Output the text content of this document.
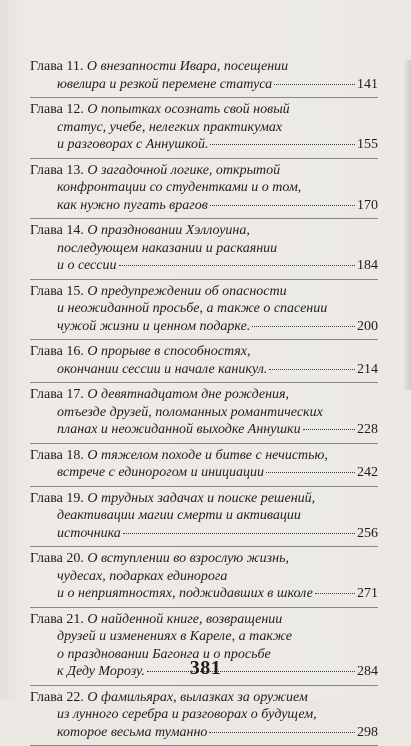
Глава 11. О внезапности Ивара, посещении
ювелира и резкой перемене статуса	141
Глава 12. О попытках осознать свой новый
статус, учебе, нелегких практикумах
и разговорах с Аннушкой.	155
Глава 13. О загадочной логике, открытой
конфронтации со студентками и о том,
как нужно пугать врагов	170
Глава 14. О праздновании Хэллоуина,
последующем наказании и раскаянии
и о сессии	184
Глава 15. О предупреждении об опасности
и неожиданной просьбе, а также о спасении
чужой жизни и ценном подарке.	200
Глава 16. О прорыве в способностях,
окончании сессии и начале каникул.	214
Глава 17. О девятнадцатом дне рождения,
отъезде друзей, поломанных романтических
планах и неожиданной выходке Аннушки	228
Глава 18. О тяжелом походе и битве с нечистью,
встрече с единорогом и инициации	242
Глава 19. О трудных задачах и поиске решений,
деактивации магии смерти и активации
источника	256
Глава 20. О вступлении во взрослую жизнь,
чудесах, подарках единорога
и о неприятностях, поджидавших в школе	271
Глава 21. О найденной книге, возвращении
друзей и изменениях в Кареле, а также
о праздновании Багонга и о просьбе
к Деду Морозу.	284
Глава 22. О фамильярах, вылазках за оружием
из лунного серебра и разговорах о будущем,
которое весьма туманно	298
381
